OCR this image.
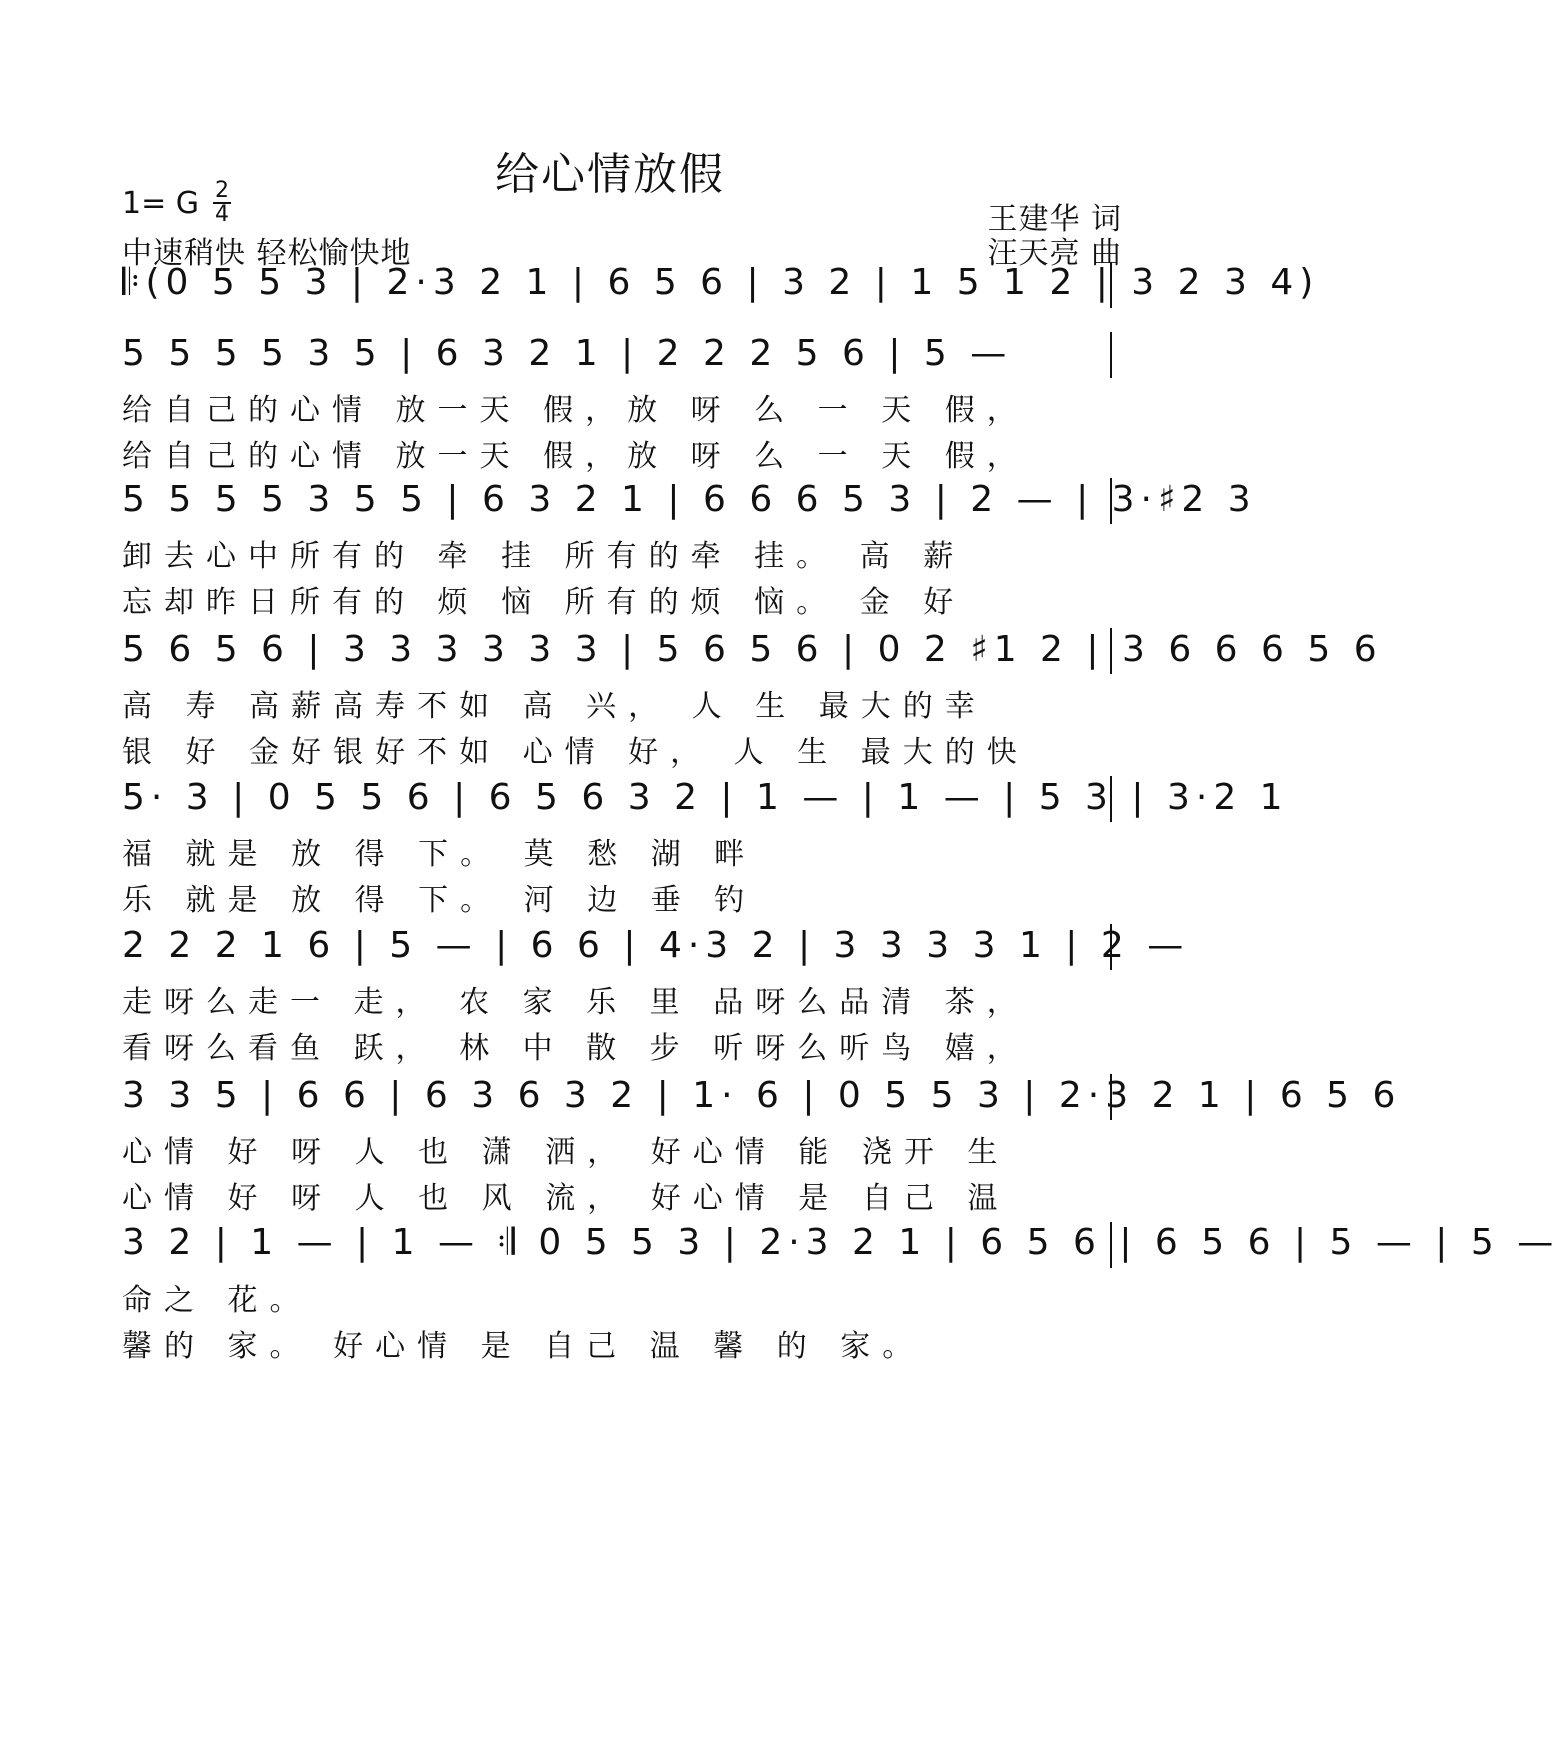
给心情放假
1= G 2
4
中速稍快 轻松愉快地
王建华 词
汪天亮 曲
𝄆(0 5 5 3 | 2·3 2 1 | 6 5 6 | 3 2 | 1 5 1 2 | 3 2 3 4)
5 5 5 5 3 5 | 6 3 2 1 | 2 2 2 5 6 | 5 —
给自己的心情 放一天 假，放 呀 么 一 天 假，
给自己的心情 放一天 假，放 呀 么 一 天 假，
5 5 5 5 3 5 5 | 6 3 2 1 | 6 6 6 5 3 | 2 — | 3·♯2 3
卸去心中所有的 牵 挂 所有的牵 挂。 高 薪
忘却昨日所有的 烦 恼 所有的烦 恼。 金 好
5 6 5 6 | 3 3 3 3 3 3 | 5 6 5 6 | 0 2 ♯1 2 | 3 6 6 6 5 6
高 寿 高薪高寿不如 高 兴， 人 生 最大的幸
银 好 金好银好不如 心情 好， 人 生 最大的快
5· 3 | 0 5 5 6 | 6 5 6 3 2 | 1 — | 1 — | 5 3 | 3·2 1
福 就是 放 得 下。 莫 愁 湖 畔
乐 就是 放 得 下。 河 边 垂 钓
2 2 2 1 6 | 5 — | 6 6 | 4·3 2 | 3 3 3 3 1 | 2 —
走呀么走一 走， 农 家 乐 里 品呀么品清 茶，
看呀么看鱼 跃， 林 中 散 步 听呀么听鸟 嬉，
3 3 5 | 6 6 | 6 3 6 3 2 | 1· 6 | 0 5 5 3 | 2·3 2 1 | 6 5 6
心情 好 呀 人 也 潇 洒， 好心情 能 浇开 生
心情 好 呀 人 也 风 流， 好心情 是 自己 温
3 2 | 1 — | 1 — 𝄇 0 5 5 3 | 2·3 2 1 | 6 5 6 | 6 5 6 | 5 — | 5 —
命之 花。
馨的 家。 好心情 是 自己 温 馨 的 家。
